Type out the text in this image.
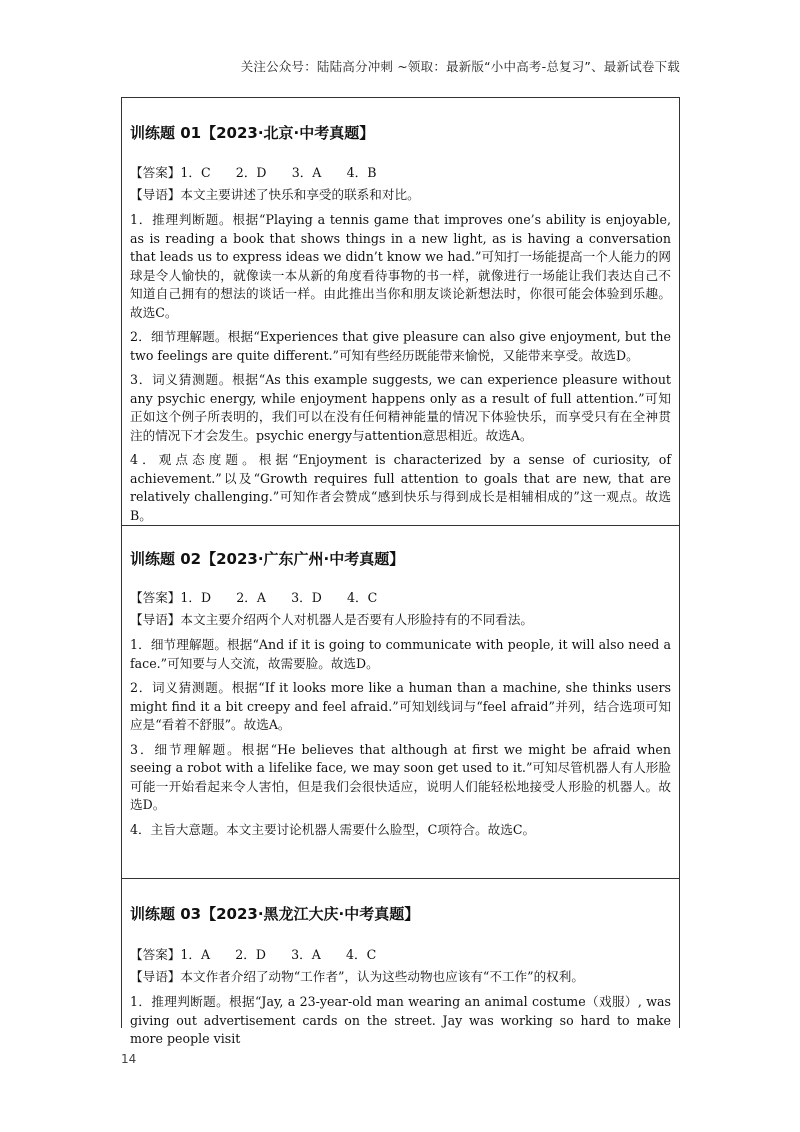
关注公众号：陆陆高分冲刺 ~领取：最新版“小中高考-总复习”、最新试卷下载

训练题 01【2023·北京·中考真题】

【答案】1．C　　2．D　　3．A　　4．B

【导语】本文主要讲述了快乐和享受的联系和对比。

1．推理判断题。根据“Playing a tennis game that improves one’s ability is enjoyable, as is reading a book that shows things in a new light, as is having a conversation that leads us to express ideas we didn’t know we had.”可知打一场能提高一个人能力的网球是令人愉快的，就像读一本从新的角度看待事物的书一样，就像进行一场能让我们表达自己不知道自己拥有的想法的谈话一样。由此推出当你和朋友谈论新想法时，你很可能会体验到乐趣。故选C。

2．细节理解题。根据“Experiences that give pleasure can also give enjoyment, but the two feelings are quite different.”可知有些经历既能带来愉悦，又能带来享受。故选D。

3．词义猜测题。根据“As this example suggests, we can experience pleasure without any psychic energy, while enjoyment happens only as a result of full attention.”可知正如这个例子所表明的，我们可以在没有任何精神能量的情况下体验快乐，而享受只有在全神贯注的情况下才会发生。psychic energy与attention意思相近。故选A。

4．观点态度题。根据“Enjoyment is characterized by a sense of curiosity, of achievement.”以及“Growth requires full attention to goals that are new, that are relatively challenging.”可知作者会赞成“感到快乐与得到成长是相辅相成的”这一观点。故选B。

训练题 02【2023·广东广州·中考真题】

【答案】1．D　　2．A　　3．D　　4．C

【导语】本文主要介绍两个人对机器人是否要有人形脸持有的不同看法。

1．细节理解题。根据“And if it is going to communicate with people, it will also need a face.”可知要与人交流，故需要脸。故选D。

2．词义猜测题。根据“If it looks more like a human than a machine, she thinks users might find it a bit creepy and feel afraid.”可知划线词与“feel afraid”并列，结合选项可知应是“看着不舒服”。故选A。

3．细节理解题。根据“He believes that although at first we might be afraid when seeing a robot with a lifelike face, we may soon get used to it.”可知尽管机器人有人形脸可能一开始看起来令人害怕，但是我们会很快适应，说明人们能轻松地接受人形脸的机器人。故选D。

4．主旨大意题。本文主要讨论机器人需要什么脸型，C项符合。故选C。

训练题 03【2023·黑龙江大庆·中考真题】

【答案】1．A　　2．D　　3．A　　4．C

【导语】本文作者介绍了动物“工作者”，认为这些动物也应该有“不工作”的权利。

1．推理判断题。根据“Jay, a 23-year-old man wearing an animal costume（戏服）, was giving out advertisement cards on the street. Jay was working so hard to make more people visit

14
